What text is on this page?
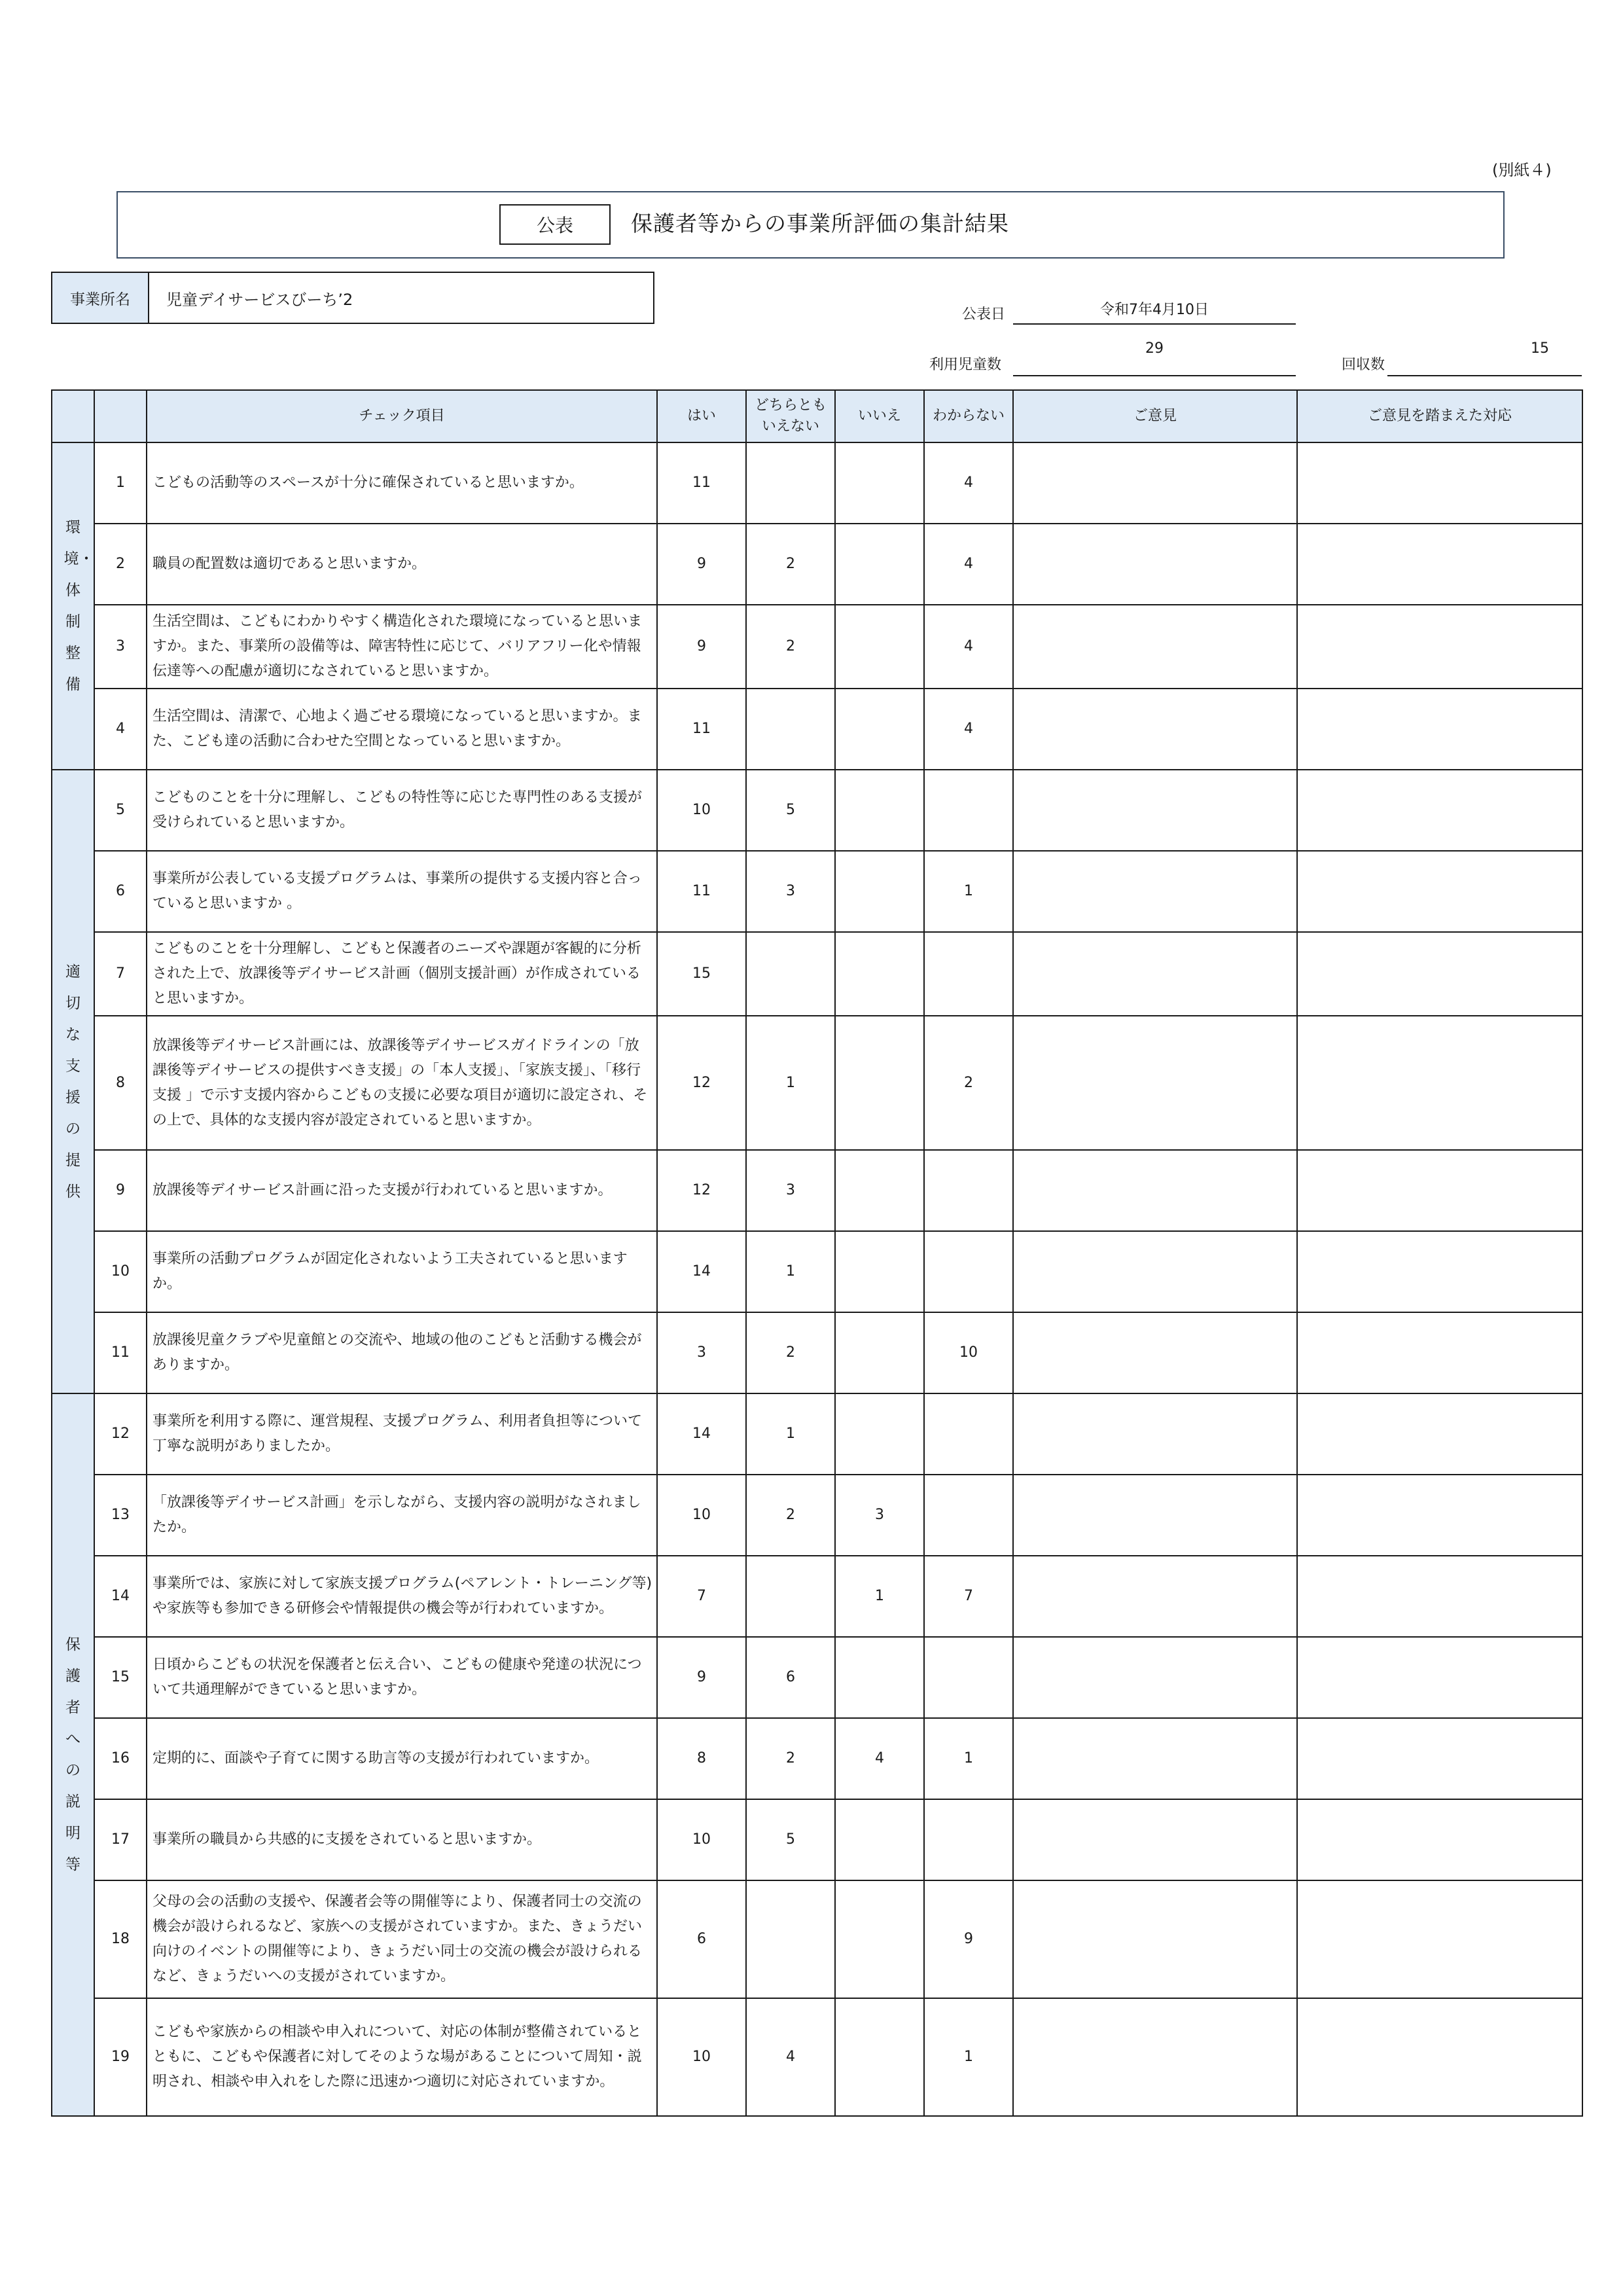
(別紙４)
公表	保護者等からの事業所評価の集計結果
事業所名	児童デイサービスびーち’2
公表日	令和7年4月10日
利用児童数
29
回収数
15
		チェック項目	はい	どちらとも
いえない	いいえ	わからない	ご意見	ご意見を踏まえた対応
環境・体制整備	1	こどもの活動等のスペースが十分に確保されていると思いますか。	11			4		
	2	職員の配置数は適切であると思いますか。	9	2		4		
	3	生活空間は、こどもにわかりやすく構造化された環境になっていると思いますか。また、事業所の設備等は、障害特性に応じて、バリアフリー化や情報伝達等への配慮が適切になされていると思いますか。	9	2		4		
	4	生活空間は、清潔で、心地よく過ごせる環境になっていると思いますか。また、こども達の活動に合わせた空間となっていると思いますか。	11			4		
適切な支援の提供	5	こどものことを十分に理解し、こどもの特性等に応じた専門性のある支援が受けられていると思いますか。	10	5				
	6	事業所が公表している支援プログラムは、事業所の提供する支援内容と合っていると思いますか 。	11	3		1		
	7	こどものことを十分理解し、こどもと保護者のニーズや課題が客観的に分析された上で、放課後等デイサービス計画（個別支援計画）が作成されていると思いますか。	15					
	8	放課後等デイサービス計画には、放課後等デイサービスガイドラインの「放課後等デイサービスの提供すべき支援」の「本人支援」、「家族支援」、「移行支援 」で示す支援内容からこどもの支援に必要な項目が適切に設定され、その上で、具体的な支援内容が設定されていると思いますか。	12	1		2		
	9	放課後等デイサービス計画に沿った支援が行われていると思いますか。	12	3				
	10	事業所の活動プログラムが固定化されないよう工夫されていると思いますか。	14	1				
	11	放課後児童クラブや児童館との交流や、地域の他のこどもと活動する機会がありますか。	3	2		10		
保護者への説明等	12	事業所を利用する際に、運営規程、支援プログラム、利用者負担等について丁寧な説明がありましたか。	14	1				
	13	「放課後等デイサービス計画」を示しながら、支援内容の説明がなされましたか。	10	2	3			
	14	事業所では、家族に対して家族支援プログラム(ペアレント・トレーニング等)や家族等も参加できる研修会や情報提供の機会等が行われていますか。	7		1	7		
	15	日頃からこどもの状況を保護者と伝え合い、こどもの健康や発達の状況について共通理解ができていると思いますか。	9	6				
	16	定期的に、面談や子育てに関する助言等の支援が行われていますか。	8	2	4	1		
	17	事業所の職員から共感的に支援をされていると思いますか。	10	5				
	18	父母の会の活動の支援や、保護者会等の開催等により、保護者同士の交流の機会が設けられるなど、家族への支援がされていますか。また、きょうだい向けのイベントの開催等により、きょうだい同士の交流の機会が設けられるなど、きょうだいへの支援がされていますか。	6			9		
	19	こどもや家族からの相談や申入れについて、対応の体制が整備されているとともに、こどもや保護者に対してそのような場があることについて周知・説明され、相談や申入れをした際に迅速かつ適切に対応されていますか。	10	4		1		
